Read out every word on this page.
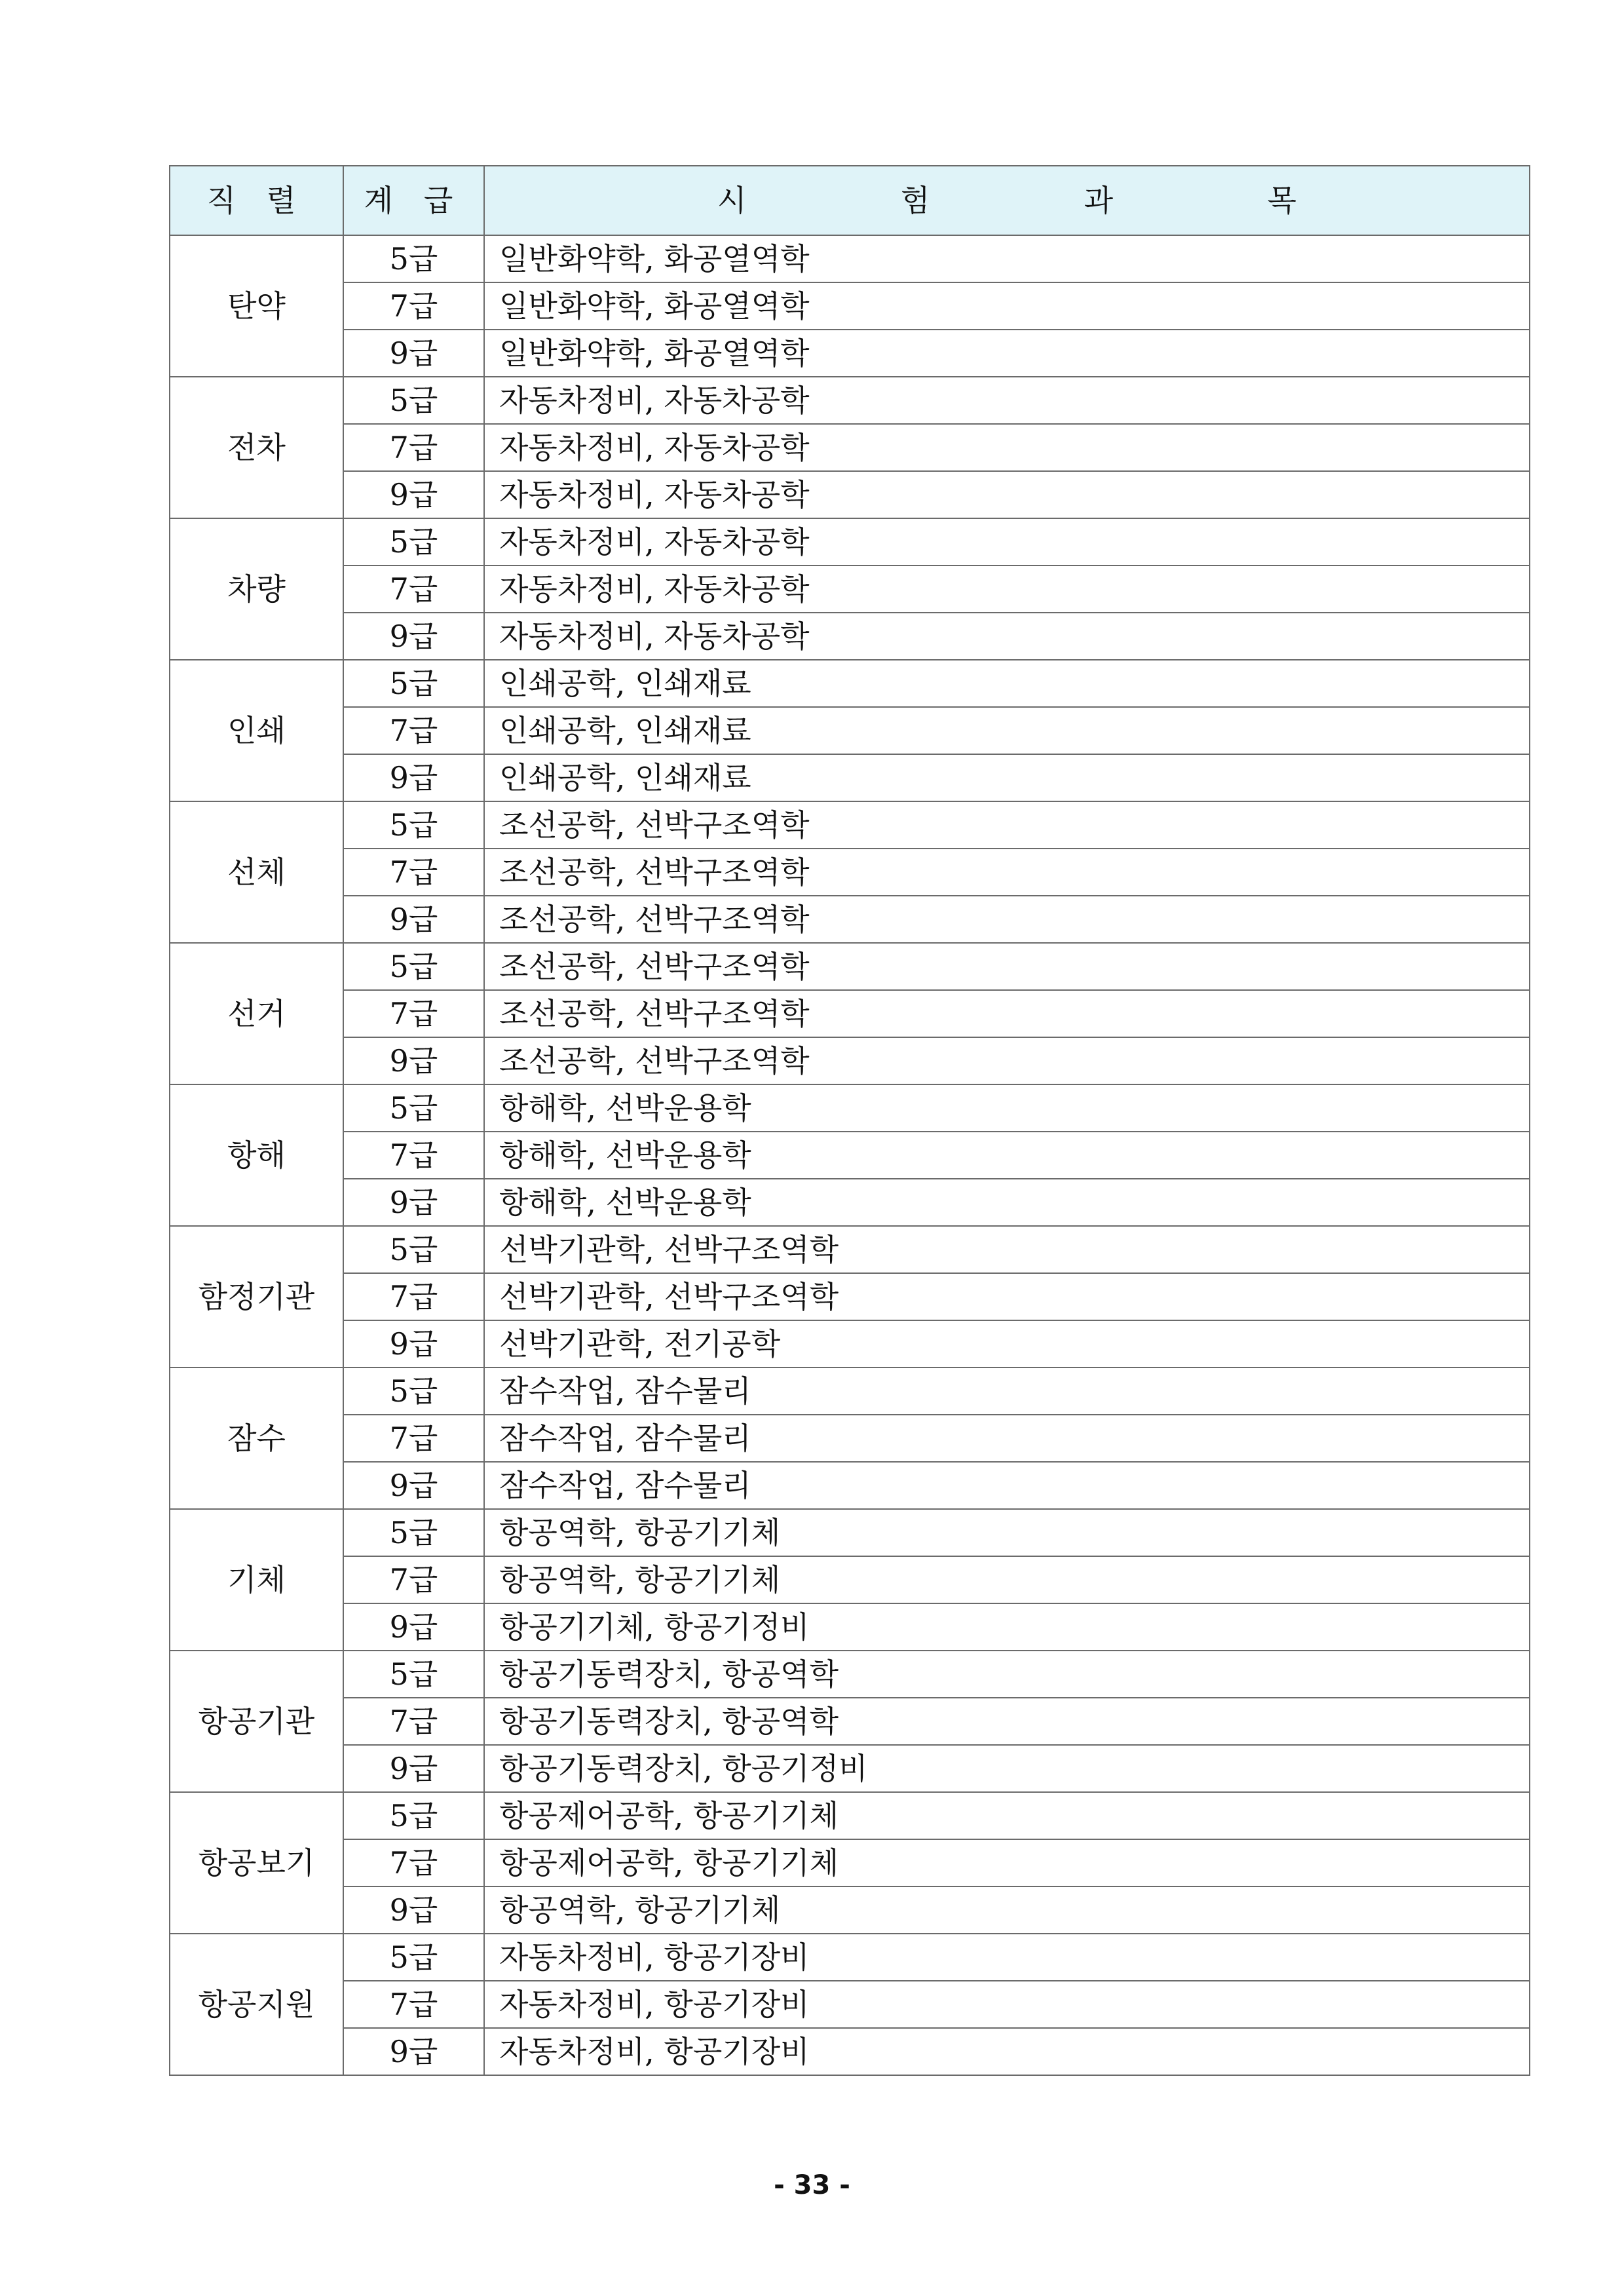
직 렬	계 급	시 험 과 목
탄약	5급	일반화약학, 화공열역학
	7급	일반화약학, 화공열역학
	9급	일반화약학, 화공열역학
전차	5급	자동차정비, 자동차공학
	7급	자동차정비, 자동차공학
	9급	자동차정비, 자동차공학
차량	5급	자동차정비, 자동차공학
	7급	자동차정비, 자동차공학
	9급	자동차정비, 자동차공학
인쇄	5급	인쇄공학, 인쇄재료
	7급	인쇄공학, 인쇄재료
	9급	인쇄공학, 인쇄재료
선체	5급	조선공학, 선박구조역학
	7급	조선공학, 선박구조역학
	9급	조선공학, 선박구조역학
선거	5급	조선공학, 선박구조역학
	7급	조선공학, 선박구조역학
	9급	조선공학, 선박구조역학
항해	5급	항해학, 선박운용학
	7급	항해학, 선박운용학
	9급	항해학, 선박운용학
함정기관	5급	선박기관학, 선박구조역학
	7급	선박기관학, 선박구조역학
	9급	선박기관학, 전기공학
잠수	5급	잠수작업, 잠수물리
	7급	잠수작업, 잠수물리
	9급	잠수작업, 잠수물리
기체	5급	항공역학, 항공기기체
	7급	항공역학, 항공기기체
	9급	항공기기체, 항공기정비
항공기관	5급	항공기동력장치, 항공역학
	7급	항공기동력장치, 항공역학
	9급	항공기동력장치, 항공기정비
항공보기	5급	항공제어공학, 항공기기체
	7급	항공제어공학, 항공기기체
	9급	항공역학, 항공기기체
항공지원	5급	자동차정비, 항공기장비
	7급	자동차정비, 항공기장비
	9급	자동차정비, 항공기장비
- 33 -
